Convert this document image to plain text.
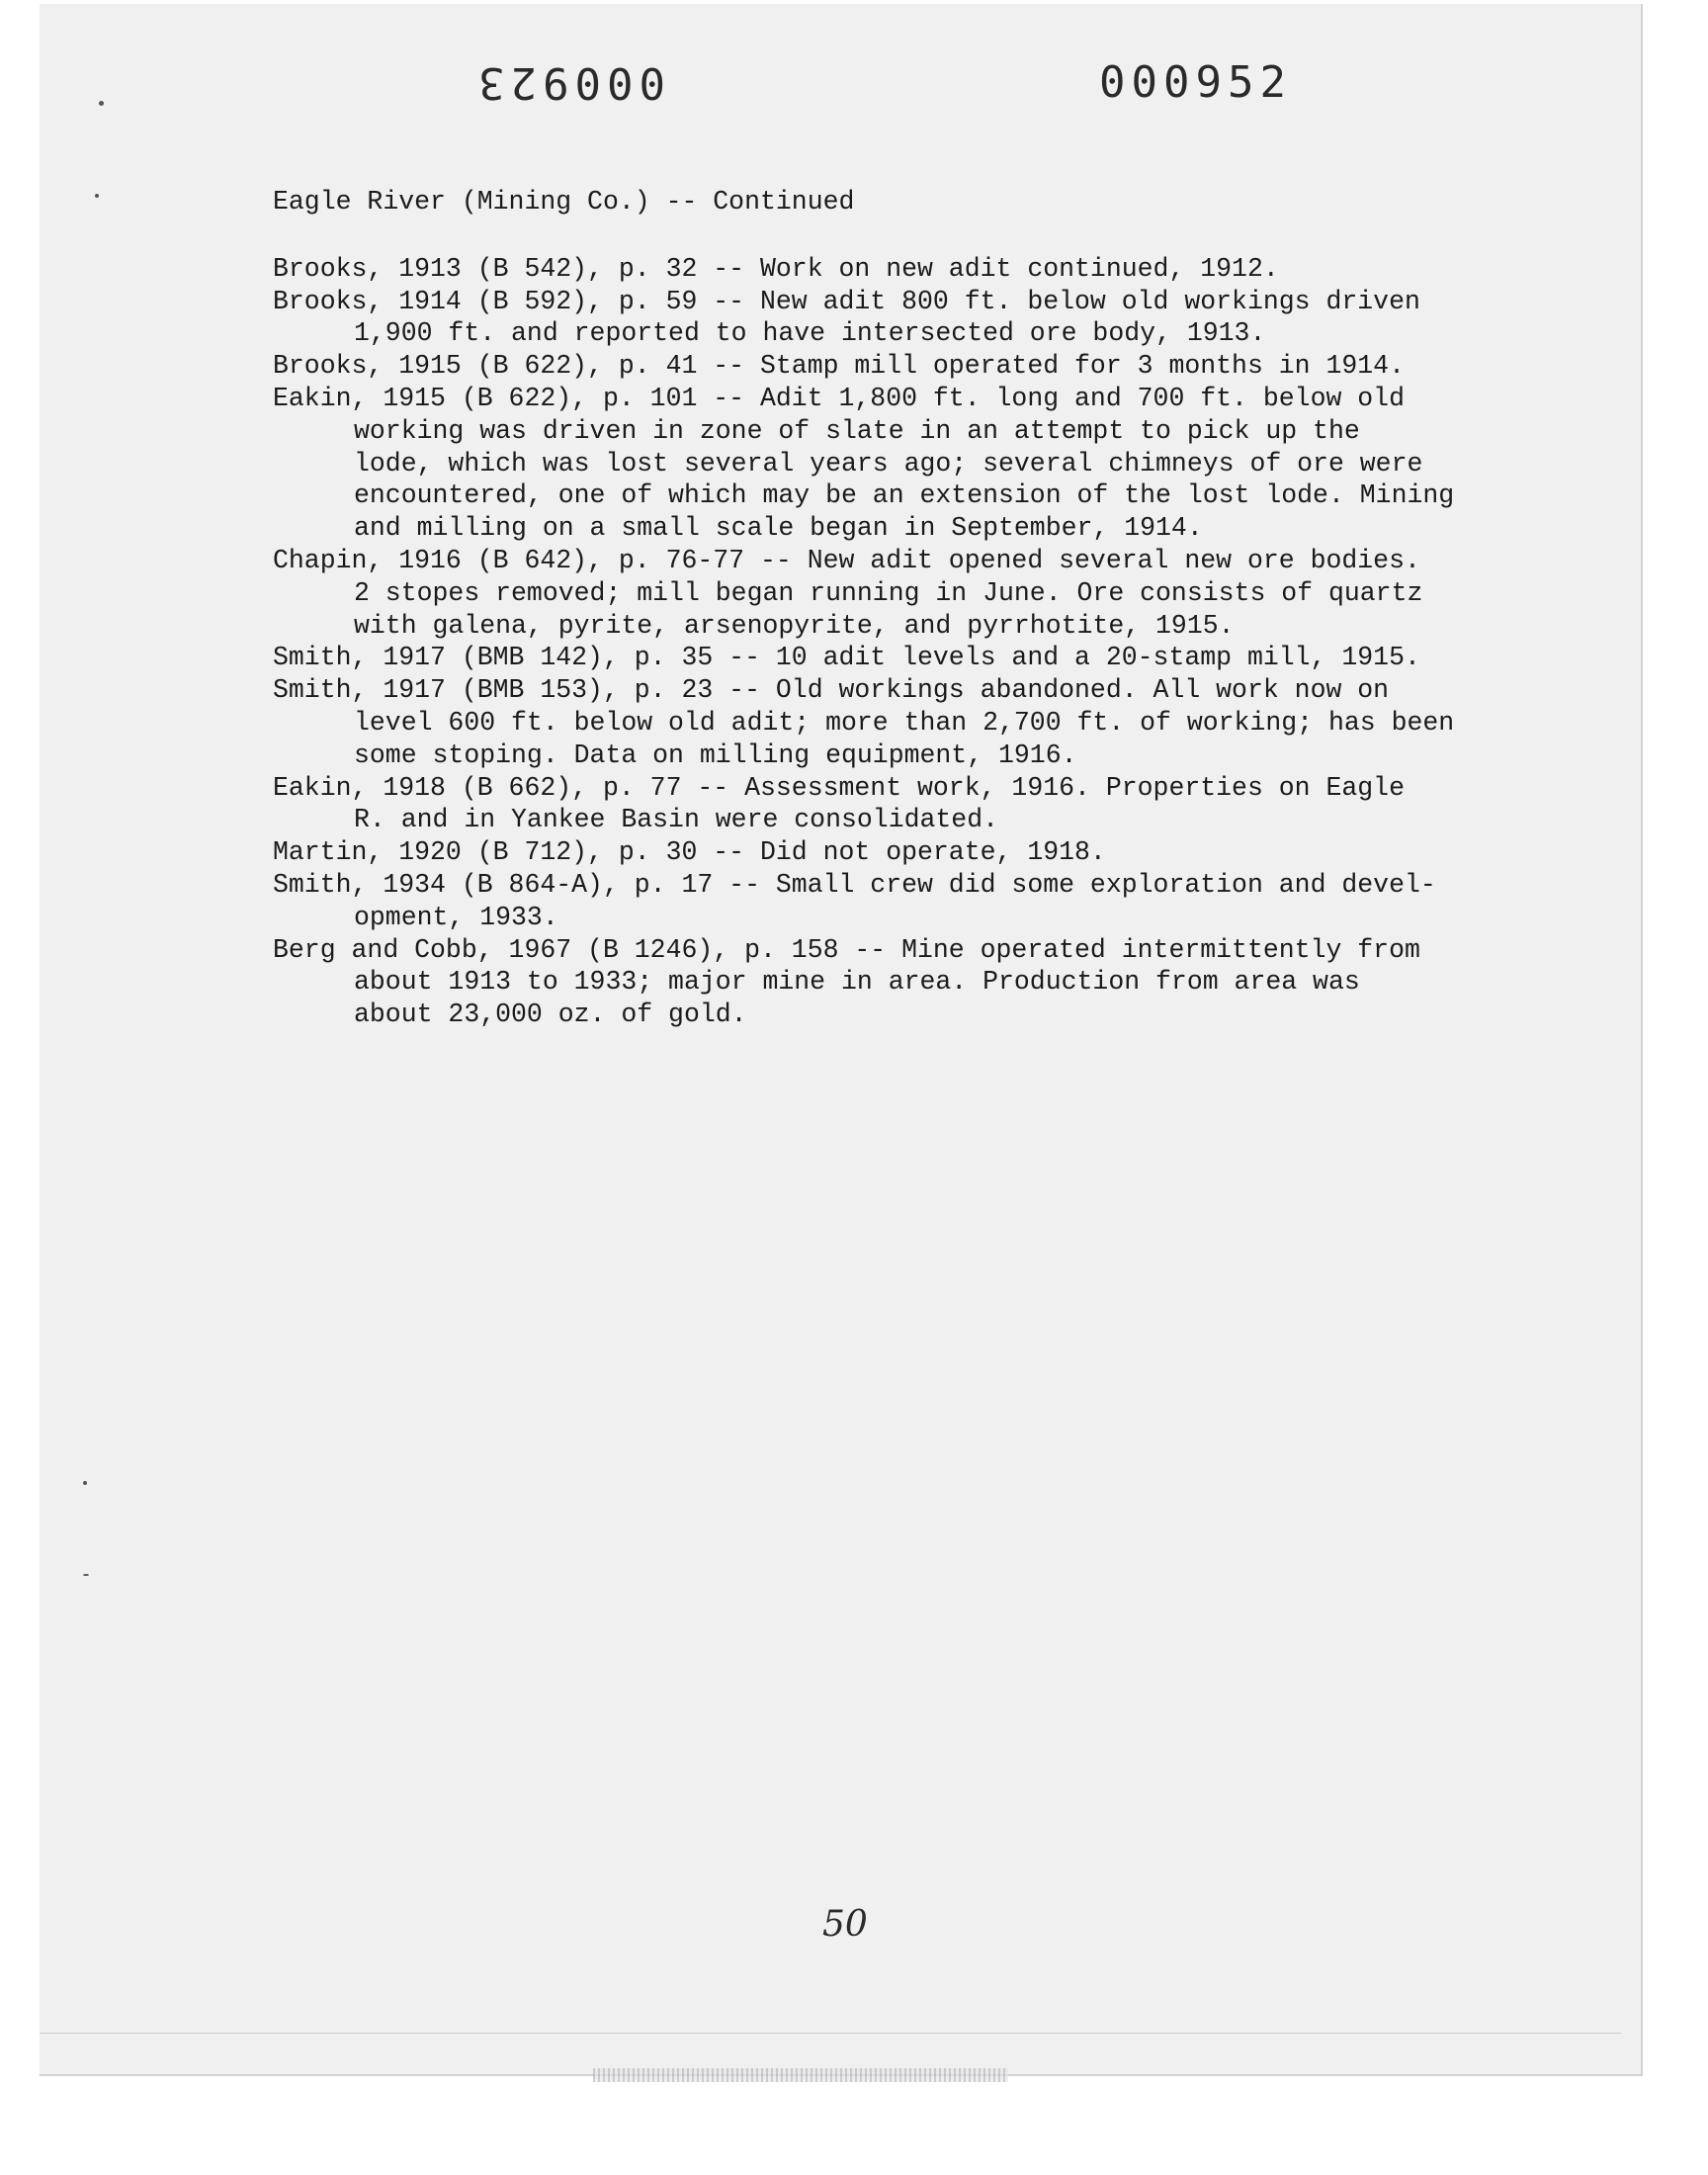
000923	000952

Eagle River (Mining Co.) -- Continued

Brooks, 1913 (B 542), p. 32 -- Work on new adit continued, 1912.

Brooks, 1914 (B 592), p. 59 -- New adit 800 ft. below old workings driven
1,900 ft. and reported to have intersected ore body, 1913.

Brooks, 1915 (B 622), p. 41 -- Stamp mill operated for 3 months in 1914.

Eakin, 1915 (B 622), p. 101 -- Adit 1,800 ft. long and 700 ft. below old
working was driven in zone of slate in an attempt to pick up the
lode, which was lost several years ago; several chimneys of ore were
encountered, one of which may be an extension of the lost lode. Mining
and milling on a small scale began in September, 1914.

Chapin, 1916 (B 642), p. 76-77 -- New adit opened several new ore bodies.
2 stopes removed; mill began running in June. Ore consists of quartz
with galena, pyrite, arsenopyrite, and pyrrhotite, 1915.

Smith, 1917 (BMB 142), p. 35 -- 10 adit levels and a 20-stamp mill, 1915.

Smith, 1917 (BMB 153), p. 23 -- Old workings abandoned. All work now on
level 600 ft. below old adit; more than 2,700 ft. of working; has been
some stoping. Data on milling equipment, 1916.

Eakin, 1918 (B 662), p. 77 -- Assessment work, 1916. Properties on Eagle
R. and in Yankee Basin were consolidated.

Martin, 1920 (B 712), p. 30 -- Did not operate, 1918.

Smith, 1934 (B 864-A), p. 17 -- Small crew did some exploration and devel-
opment, 1933.

Berg and Cobb, 1967 (B 1246), p. 158 -- Mine operated intermittently from
about 1913 to 1933; major mine in area. Production from area was
about 23,000 oz. of gold.

50
